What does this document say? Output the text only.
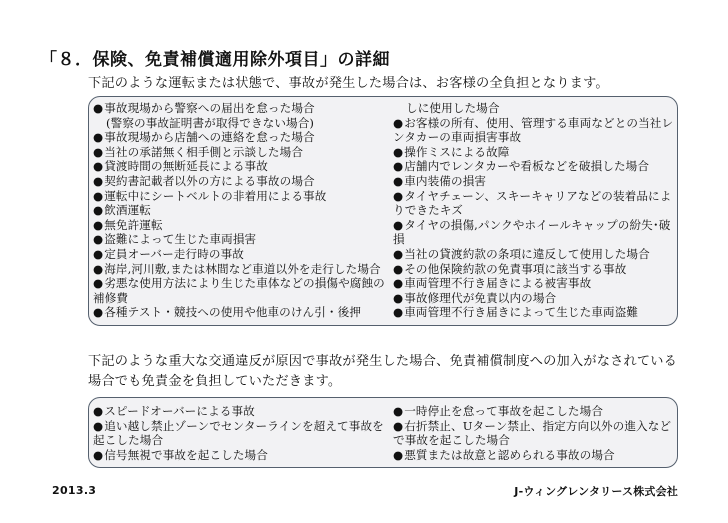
「８．保険、免責補償適用除外項目」の詳細
下記のような運転または状態で、事故が発生した場合は、お客様の全負担となります。
● 事故現場から警察への届出を怠った場合
(警察の事故証明書が取得できない場合)
● 事故現場から店舗への連絡を怠った場合
● 当社の承諾無く相手側と示談した場合
● 貸渡時間の無断延長による事故
● 契約書記載者以外の方による事故の場合
● 運転中にシートベルトの非着用による事故
● 飲酒運転
● 無免許運転
● 盗難によって生じた車両損害
● 定員オーバー走行時の事故
● 海岸,河川敷,または林間など車道以外を走行した場合
● 劣悪な使用方法により生じた車体などの損傷や腐蝕の補修費
● 各種テスト・競技への使用や他車のけん引・後押
しに使用した場合
● お客様の所有、使用、管理する車両などとの当社レンタカーの車両損害事故
● 操作ミスによる故障
● 店舗内でレンタカーや看板などを破損した場合
● 車内装備の損害
● タイヤチェーン、スキーキャリアなどの装着品によりできたキズ
● タイヤの損傷,パンクやホイールキャップの紛失･破損
● 当社の貸渡約款の条項に違反して使用した場合
● その他保険約款の免責事項に該当する事故
● 車両管理不行き届きによる被害事故
● 事故修理代が免責以内の場合
● 車両管理不行き届きによって生じた車両盗難
下記のような重大な交通違反が原因で事故が発生した場合、免責補償制度への加入がなされている場合でも免責金を負担していただきます。
● スピードオーバーによる事故
● 追い越し禁止ゾーンでセンターラインを超えて事故を起こした場合
● 信号無視で事故を起こした場合
● 一時停止を怠って事故を起こした場合
● 右折禁止、Uターン禁止、指定方向以外の進入など で事故を起こした場合
● 悪質または故意と認められる事故の場合
2013.3	J-ウィングレンタリース株式会社
